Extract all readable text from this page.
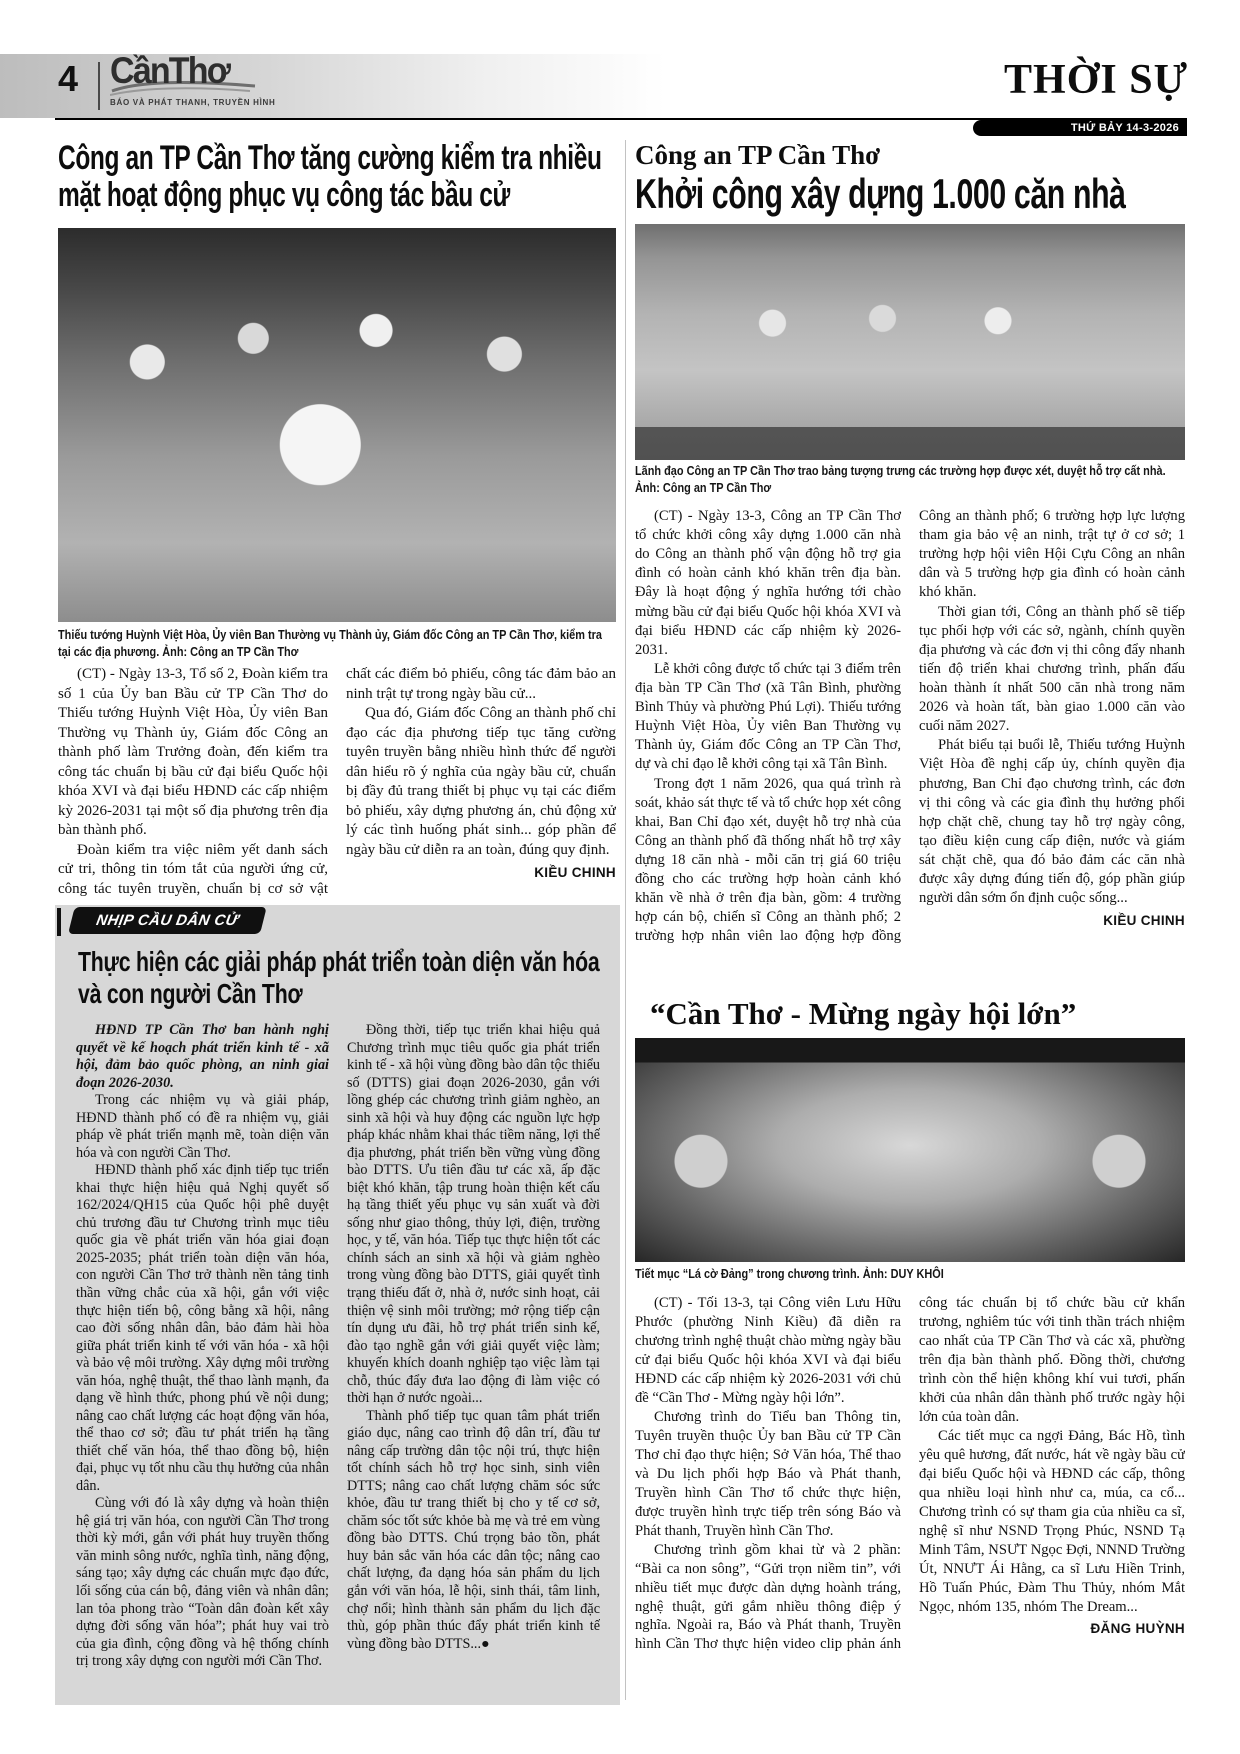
4 CầnThơ
BÁO VÀ PHÁT THANH, TRUYỀN HÌNH	THỜI SỰ
THỨ BẢY 14-3-2026
Công an TP Cần Thơ tăng cường kiểm tra nhiều mặt hoạt động phục vụ công tác bầu cử
Thiếu tướng Huỳnh Việt Hòa, Ủy viên Ban Thường vụ Thành ủy, Giám đốc Công an TP Cần Thơ, kiểm tra tại các địa phương. Ảnh: Công an TP Cần Thơ

(CT) - Ngày 13-3, Tổ số 2, Đoàn kiểm tra số 1 của Ủy ban Bầu cử TP Cần Thơ do Thiếu tướng Huỳnh Việt Hòa, Ủy viên Ban Thường vụ Thành ủy, Giám đốc Công an thành phố làm Trưởng đoàn, đến kiểm tra công tác chuẩn bị bầu cử đại biểu Quốc hội khóa XVI và đại biểu HĐND các cấp nhiệm kỳ 2026-2031 tại một số địa phương trên địa bàn thành phố.

Đoàn kiểm tra việc niêm yết danh sách cử tri, thông tin tóm tắt của người ứng cử, công tác tuyên truyền, chuẩn bị cơ sở vật chất các điểm bỏ phiếu, công tác đảm bảo an ninh trật tự trong ngày bầu cử...

Qua đó, Giám đốc Công an thành phố chỉ đạo các địa phương tiếp tục tăng cường tuyên truyền bằng nhiều hình thức để người dân hiểu rõ ý nghĩa của ngày bầu cử, chuẩn bị đầy đủ trang thiết bị phục vụ tại các điểm bỏ phiếu, xây dựng phương án, chủ động xử lý các tình huống phát sinh... góp phần để ngày bầu cử diễn ra an toàn, đúng quy định.

KIỀU CHINH

Công an TP Cần Thơ
Khởi công xây dựng 1.000 căn nhà
Lãnh đạo Công an TP Cần Thơ trao bảng tượng trưng các trường hợp được xét, duyệt hỗ trợ cất nhà. Ảnh: Công an TP Cần Thơ

(CT) - Ngày 13-3, Công an TP Cần Thơ tổ chức khởi công xây dựng 1.000 căn nhà do Công an thành phố vận động hỗ trợ gia đình có hoàn cảnh khó khăn trên địa bàn. Đây là hoạt động ý nghĩa hướng tới chào mừng bầu cử đại biểu Quốc hội khóa XVI và đại biểu HĐND các cấp nhiệm kỳ 2026-2031.

Lễ khởi công được tổ chức tại 3 điểm trên địa bàn TP Cần Thơ (xã Tân Bình, phường Bình Thủy và phường Phú Lợi). Thiếu tướng Huỳnh Việt Hòa, Ủy viên Ban Thường vụ Thành ủy, Giám đốc Công an TP Cần Thơ, dự và chỉ đạo lễ khởi công tại xã Tân Bình.

Trong đợt 1 năm 2026, qua quá trình rà soát, khảo sát thực tế và tổ chức họp xét công khai, Ban Chỉ đạo xét, duyệt hỗ trợ nhà của Công an thành phố đã thống nhất hỗ trợ xây dựng 18 căn nhà - mỗi căn trị giá 60 triệu đồng cho các trường hợp hoàn cảnh khó khăn về nhà ở trên địa bàn, gồm: 4 trường hợp cán bộ, chiến sĩ Công an thành phố; 2 trường hợp nhân viên lao động hợp đồng Công an thành phố; 6 trường hợp lực lượng tham gia bảo vệ an ninh, trật tự ở cơ sở; 1 trường hợp hội viên Hội Cựu Công an nhân dân và 5 trường hợp gia đình có hoàn cảnh khó khăn.

Thời gian tới, Công an thành phố sẽ tiếp tục phối hợp với các sở, ngành, chính quyền địa phương và các đơn vị thi công đẩy nhanh tiến độ triển khai chương trình, phấn đấu hoàn thành ít nhất 500 căn nhà trong năm 2026 và hoàn tất, bàn giao 1.000 căn vào cuối năm 2027.

Phát biểu tại buổi lễ, Thiếu tướng Huỳnh Việt Hòa đề nghị cấp ủy, chính quyền địa phương, Ban Chỉ đạo chương trình, các đơn vị thi công và các gia đình thụ hưởng phối hợp chặt chẽ, chung tay hỗ trợ ngày công, tạo điều kiện cung cấp điện, nước và giám sát chặt chẽ, qua đó bảo đảm các căn nhà được xây dựng đúng tiến độ, góp phần giúp người dân sớm ổn định cuộc sống...

KIỀU CHINH

NHỊP CẦU DÂN CỬ
Thực hiện các giải pháp phát triển toàn diện văn hóa và con người Cần Thơ

HĐND TP Cần Thơ ban hành nghị quyết về kế hoạch phát triển kinh tế - xã hội, đảm bảo quốc phòng, an ninh giai đoạn 2026-2030.

Trong các nhiệm vụ và giải pháp, HĐND thành phố có đề ra nhiệm vụ, giải pháp về phát triển mạnh mẽ, toàn diện văn hóa và con người Cần Thơ.

HĐND thành phố xác định tiếp tục triển khai thực hiện hiệu quả Nghị quyết số 162/2024/QH15 của Quốc hội phê duyệt chủ trương đầu tư Chương trình mục tiêu quốc gia về phát triển văn hóa giai đoạn 2025-2035; phát triển toàn diện văn hóa, con người Cần Thơ trở thành nền tảng tinh thần vững chắc của xã hội, gắn với việc thực hiện tiến bộ, công bằng xã hội, nâng cao đời sống nhân dân, bảo đảm hài hòa giữa phát triển kinh tế với văn hóa - xã hội và bảo vệ môi trường. Xây dựng môi trường văn hóa, nghệ thuật, thể thao lành mạnh, đa dạng về hình thức, phong phú về nội dung; nâng cao chất lượng các hoạt động văn hóa, thể thao cơ sở; đầu tư phát triển hạ tầng thiết chế văn hóa, thể thao đồng bộ, hiện đại, phục vụ tốt nhu cầu thụ hưởng của nhân dân.

Cùng với đó là xây dựng và hoàn thiện hệ giá trị văn hóa, con người Cần Thơ trong thời kỳ mới, gắn với phát huy truyền thống văn minh sông nước, nghĩa tình, năng động, sáng tạo; xây dựng các chuẩn mực đạo đức, lối sống của cán bộ, đảng viên và nhân dân; lan tỏa phong trào “Toàn dân đoàn kết xây dựng đời sống văn hóa”; phát huy vai trò của gia đình, cộng đồng và hệ thống chính trị trong xây dựng con người mới Cần Thơ.

Đồng thời, tiếp tục triển khai hiệu quả Chương trình mục tiêu quốc gia phát triển kinh tế - xã hội vùng đồng bào dân tộc thiểu số (DTTS) giai đoạn 2026-2030, gắn với lồng ghép các chương trình giảm nghèo, an sinh xã hội và huy động các nguồn lực hợp pháp khác nhằm khai thác tiềm năng, lợi thế địa phương, phát triển bền vững vùng đồng bào DTTS. Ưu tiên đầu tư các xã, ấp đặc biệt khó khăn, tập trung hoàn thiện kết cấu hạ tầng thiết yếu phục vụ sản xuất và đời sống như giao thông, thủy lợi, điện, trường học, y tế, văn hóa. Tiếp tục thực hiện tốt các chính sách an sinh xã hội và giảm nghèo trong vùng đồng bào DTTS, giải quyết tình trạng thiếu đất ở, nhà ở, nước sinh hoạt, cải thiện vệ sinh môi trường; mở rộng tiếp cận tín dụng ưu đãi, hỗ trợ phát triển sinh kế, đào tạo nghề gắn với giải quyết việc làm; khuyến khích doanh nghiệp tạo việc làm tại chỗ, thúc đẩy đưa lao động đi làm việc có thời hạn ở nước ngoài...

Thành phố tiếp tục quan tâm phát triển giáo dục, nâng cao trình độ dân trí, đầu tư nâng cấp trường dân tộc nội trú, thực hiện tốt chính sách hỗ trợ học sinh, sinh viên DTTS; nâng cao chất lượng chăm sóc sức khỏe, đầu tư trang thiết bị cho y tế cơ sở, chăm sóc tốt sức khỏe bà mẹ và trẻ em vùng đồng bào DTTS. Chú trọng bảo tồn, phát huy bản sắc văn hóa các dân tộc; nâng cao chất lượng, đa dạng hóa sản phẩm du lịch gắn với văn hóa, lễ hội, sinh thái, tâm linh, chợ nổi; hình thành sản phẩm du lịch đặc thù, góp phần thúc đẩy phát triển kinh tế vùng đồng bào DTTS...●

“Cần Thơ - Mừng ngày hội lớn”
Tiết mục “Lá cờ Đảng” trong chương trình. Ảnh: DUY KHÔI

(CT) - Tối 13-3, tại Công viên Lưu Hữu Phước (phường Ninh Kiều) đã diễn ra chương trình nghệ thuật chào mừng ngày bầu cử đại biểu Quốc hội khóa XVI và đại biểu HĐND các cấp nhiệm kỳ 2026-2031 với chủ đề “Cần Thơ - Mừng ngày hội lớn”.

Chương trình do Tiểu ban Thông tin, Tuyên truyền thuộc Ủy ban Bầu cử TP Cần Thơ chỉ đạo thực hiện; Sở Văn hóa, Thể thao và Du lịch phối hợp Báo và Phát thanh, Truyền hình Cần Thơ tổ chức thực hiện, được truyền hình trực tiếp trên sóng Báo và Phát thanh, Truyền hình Cần Thơ.

Chương trình gồm khai từ và 2 phần: “Bài ca non sông”, “Gửi trọn niềm tin”, với nhiều tiết mục được dàn dựng hoành tráng, nghệ thuật, gửi gắm nhiều thông điệp ý nghĩa. Ngoài ra, Báo và Phát thanh, Truyền hình Cần Thơ thực hiện video clip phản ánh công tác chuẩn bị tổ chức bầu cử khẩn trương, nghiêm túc với tinh thần trách nhiệm cao nhất của TP Cần Thơ và các xã, phường trên địa bàn thành phố. Đồng thời, chương trình còn thể hiện không khí vui tươi, phấn khởi của nhân dân thành phố trước ngày hội lớn của toàn dân.

Các tiết mục ca ngợi Đảng, Bác Hồ, tình yêu quê hương, đất nước, hát về ngày bầu cử đại biểu Quốc hội và HĐND các cấp, thông qua nhiều loại hình như ca, múa, ca cổ... Chương trình có sự tham gia của nhiều ca sĩ, nghệ sĩ như NSND Trọng Phúc, NSND Tạ Minh Tâm, NSƯT Ngọc Đợi, NNND Trường Út, NNƯT Ái Hằng, ca sĩ Lưu Hiền Trinh, Hồ Tuấn Phúc, Đàm Thu Thủy, nhóm Mắt Ngọc, nhóm 135, nhóm The Dream...

ĐĂNG HUỲNH
